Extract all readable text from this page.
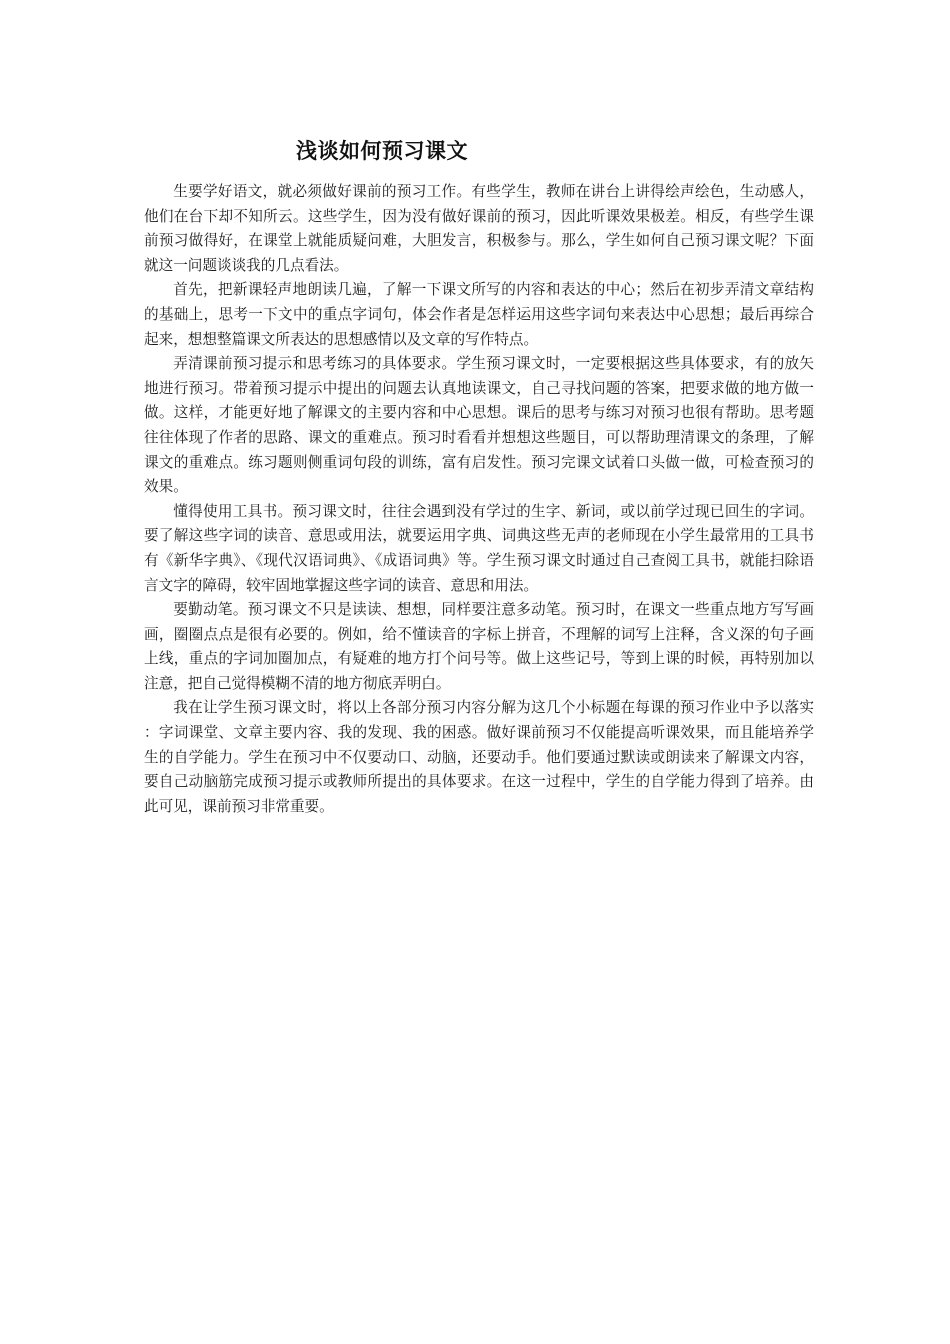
浅谈如何预习课文

生要学好语文，就必须做好课前的预习工作。有些学生，教师在讲台上讲得绘声绘色，生动感人，他们在台下却不知所云。这些学生，因为没有做好课前的预习，因此听课效果极差。相反，有些学生课前预习做得好，在课堂上就能质疑问难，大胆发言，积极参与。那么，学生如何自己预习课文呢？下面就这一问题谈谈我的几点看法。

首先，把新课轻声地朗读几遍，了解一下课文所写的内容和表达的中心；然后在初步弄清文章结构的基础上，思考一下文中的重点字词句，体会作者是怎样运用这些字词句来表达中心思想；最后再综合起来，想想整篇课文所表达的思想感情以及文章的写作特点。

弄清课前预习提示和思考练习的具体要求。学生预习课文时，一定要根据这些具体要求，有的放矢地进行预习。带着预习提示中提出的问题去认真地读课文，自己寻找问题的答案，把要求做的地方做一做。这样，才能更好地了解课文的主要内容和中心思想。课后的思考与练习对预习也很有帮助。思考题往往体现了作者的思路、课文的重难点。预习时看看并想想这些题目，可以帮助理清课文的条理，了解课文的重难点。练习题则侧重词句段的训练，富有启发性。预习完课文试着口头做一做，可检查预习的效果。

懂得使用工具书。预习课文时，往往会遇到没有学过的生字、新词，或以前学过现已回生的字词。要了解这些字词的读音、意思或用法，就要运用字典、词典这些无声的老师现在小学生最常用的工具书有《新华字典》、《现代汉语词典》、《成语词典》等。学生预习课文时通过自己查阅工具书，就能扫除语言文字的障碍，较牢固地掌握这些字词的读音、意思和用法。

要勤动笔。预习课文不只是读读、想想，同样要注意多动笔。预习时，在课文一些重点地方写写画画，圈圈点点是很有必要的。例如，给不懂读音的字标上拼音，不理解的词写上注释，含义深的句子画上线，重点的字词加圈加点，有疑难的地方打个问号等。做上这些记号，等到上课的时候，再特别加以注意，把自己觉得模糊不清的地方彻底弄明白。

我在让学生预习课文时，将以上各部分预习内容分解为这几个小标题在每课的预习作业中予以落实：字词课堂、文章主要内容、我的发现、我的困惑。做好课前预习不仅能提高听课效果，而且能培养学生的自学能力。学生在预习中不仅要动口、动脑，还要动手。他们要通过默读或朗读来了解课文内容，要自己动脑筋完成预习提示或教师所提出的具体要求。在这一过程中，学生的自学能力得到了培养。由此可见，课前预习非常重要。
